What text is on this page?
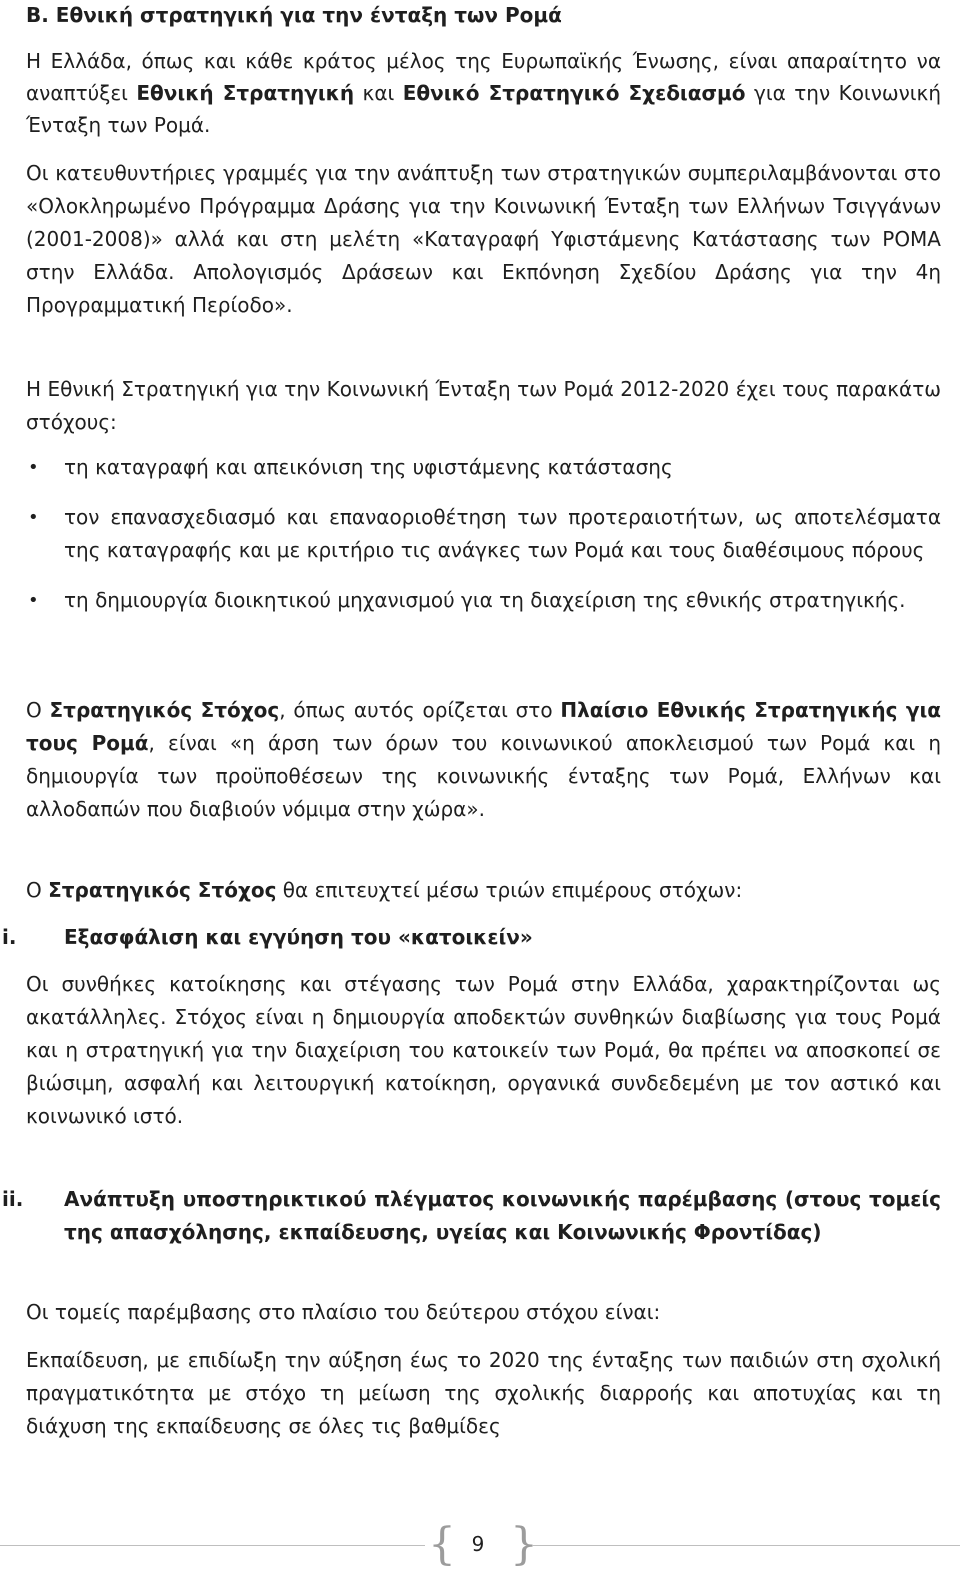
B. Εθνική στρατηγική για την ένταξη των Ρομά

Η Ελλάδα, όπως και κάθε κράτος μέλος της Ευρωπαϊκής Ένωσης, είναι απαραίτητο να αναπτύξει Εθνική Στρατηγική και Εθνικό Στρατηγικό Σχεδιασμό για την Κοινωνική Ένταξη των Ρομά.

Οι κατευθυντήριες γραμμές για την ανάπτυξη των στρατηγικών συμπεριλαμβάνονται στο «Ολοκληρωμένο Πρόγραμμα Δράσης για την Κοινωνική Ένταξη των Ελλήνων Τσιγγάνων (2001-2008)» αλλά και στη μελέτη «Καταγραφή Υφιστάμενης Κατάστασης των ΡΟΜΑ στην Ελλάδα. Απολογισμός Δράσεων και Εκπόνηση Σχεδίου Δράσης για την 4η Προγραμματική Περίοδο».

Η Εθνική Στρατηγική για την Κοινωνική Ένταξη των Ρομά 2012-2020 έχει τους παρακάτω στόχους:

• τη καταγραφή και απεικόνιση της υφιστάμενης κατάστασης
• τον επανασχεδιασμό και επαναοριοθέτηση των προτεραιοτήτων, ως αποτελέσματα της καταγραφής και με κριτήριο τις ανάγκες των Ρομά και τους διαθέσιμους πόρους
• τη δημιουργία διοικητικού μηχανισμού για τη διαχείριση της εθνικής στρατηγικής.

Ο Στρατηγικός Στόχος, όπως αυτός ορίζεται στο Πλαίσιο Εθνικής Στρατηγικής για τους Ρομά, είναι «η άρση των όρων του κοινωνικού αποκλεισμού των Ρομά και η δημιουργία των προϋποθέσεων της κοινωνικής ένταξης των Ρομά, Ελλήνων και αλλοδαπών που διαβιούν νόμιμα στην χώρα».

Ο Στρατηγικός Στόχος θα επιτευχτεί μέσω τριών επιμέρους στόχων:

i.	Εξασφάλιση και εγγύηση του «κατοικείν»

Οι συνθήκες κατοίκησης και στέγασης των Ρομά στην Ελλάδα, χαρακτηρίζονται ως ακατάλληλες. Στόχος είναι η δημιουργία αποδεκτών συνθηκών διαβίωσης για τους Ρομά και η στρατηγική για την διαχείριση του κατοικείν των Ρομά, θα πρέπει να αποσκοπεί σε βιώσιμη, ασφαλή και λειτουργική κατοίκηση, οργανικά συνδεδεμένη με τον αστικό και κοινωνικό ιστό.

ii.	Ανάπτυξη υποστηρικτικού πλέγματος κοινωνικής παρέμβασης (στους τομείς της απασχόλησης, εκπαίδευσης, υγείας και Κοινωνικής Φροντίδας)

Οι τομείς παρέμβασης στο πλαίσιο του δεύτερου στόχου είναι:

Εκπαίδευση, με επιδίωξη την αύξηση έως το 2020 της ένταξης των παιδιών στη σχολική πραγματικότητα με στόχο τη μείωση της σχολικής διαρροής και αποτυχίας και τη διάχυση της εκπαίδευσης σε όλες τις βαθμίδες

{ 9 }
